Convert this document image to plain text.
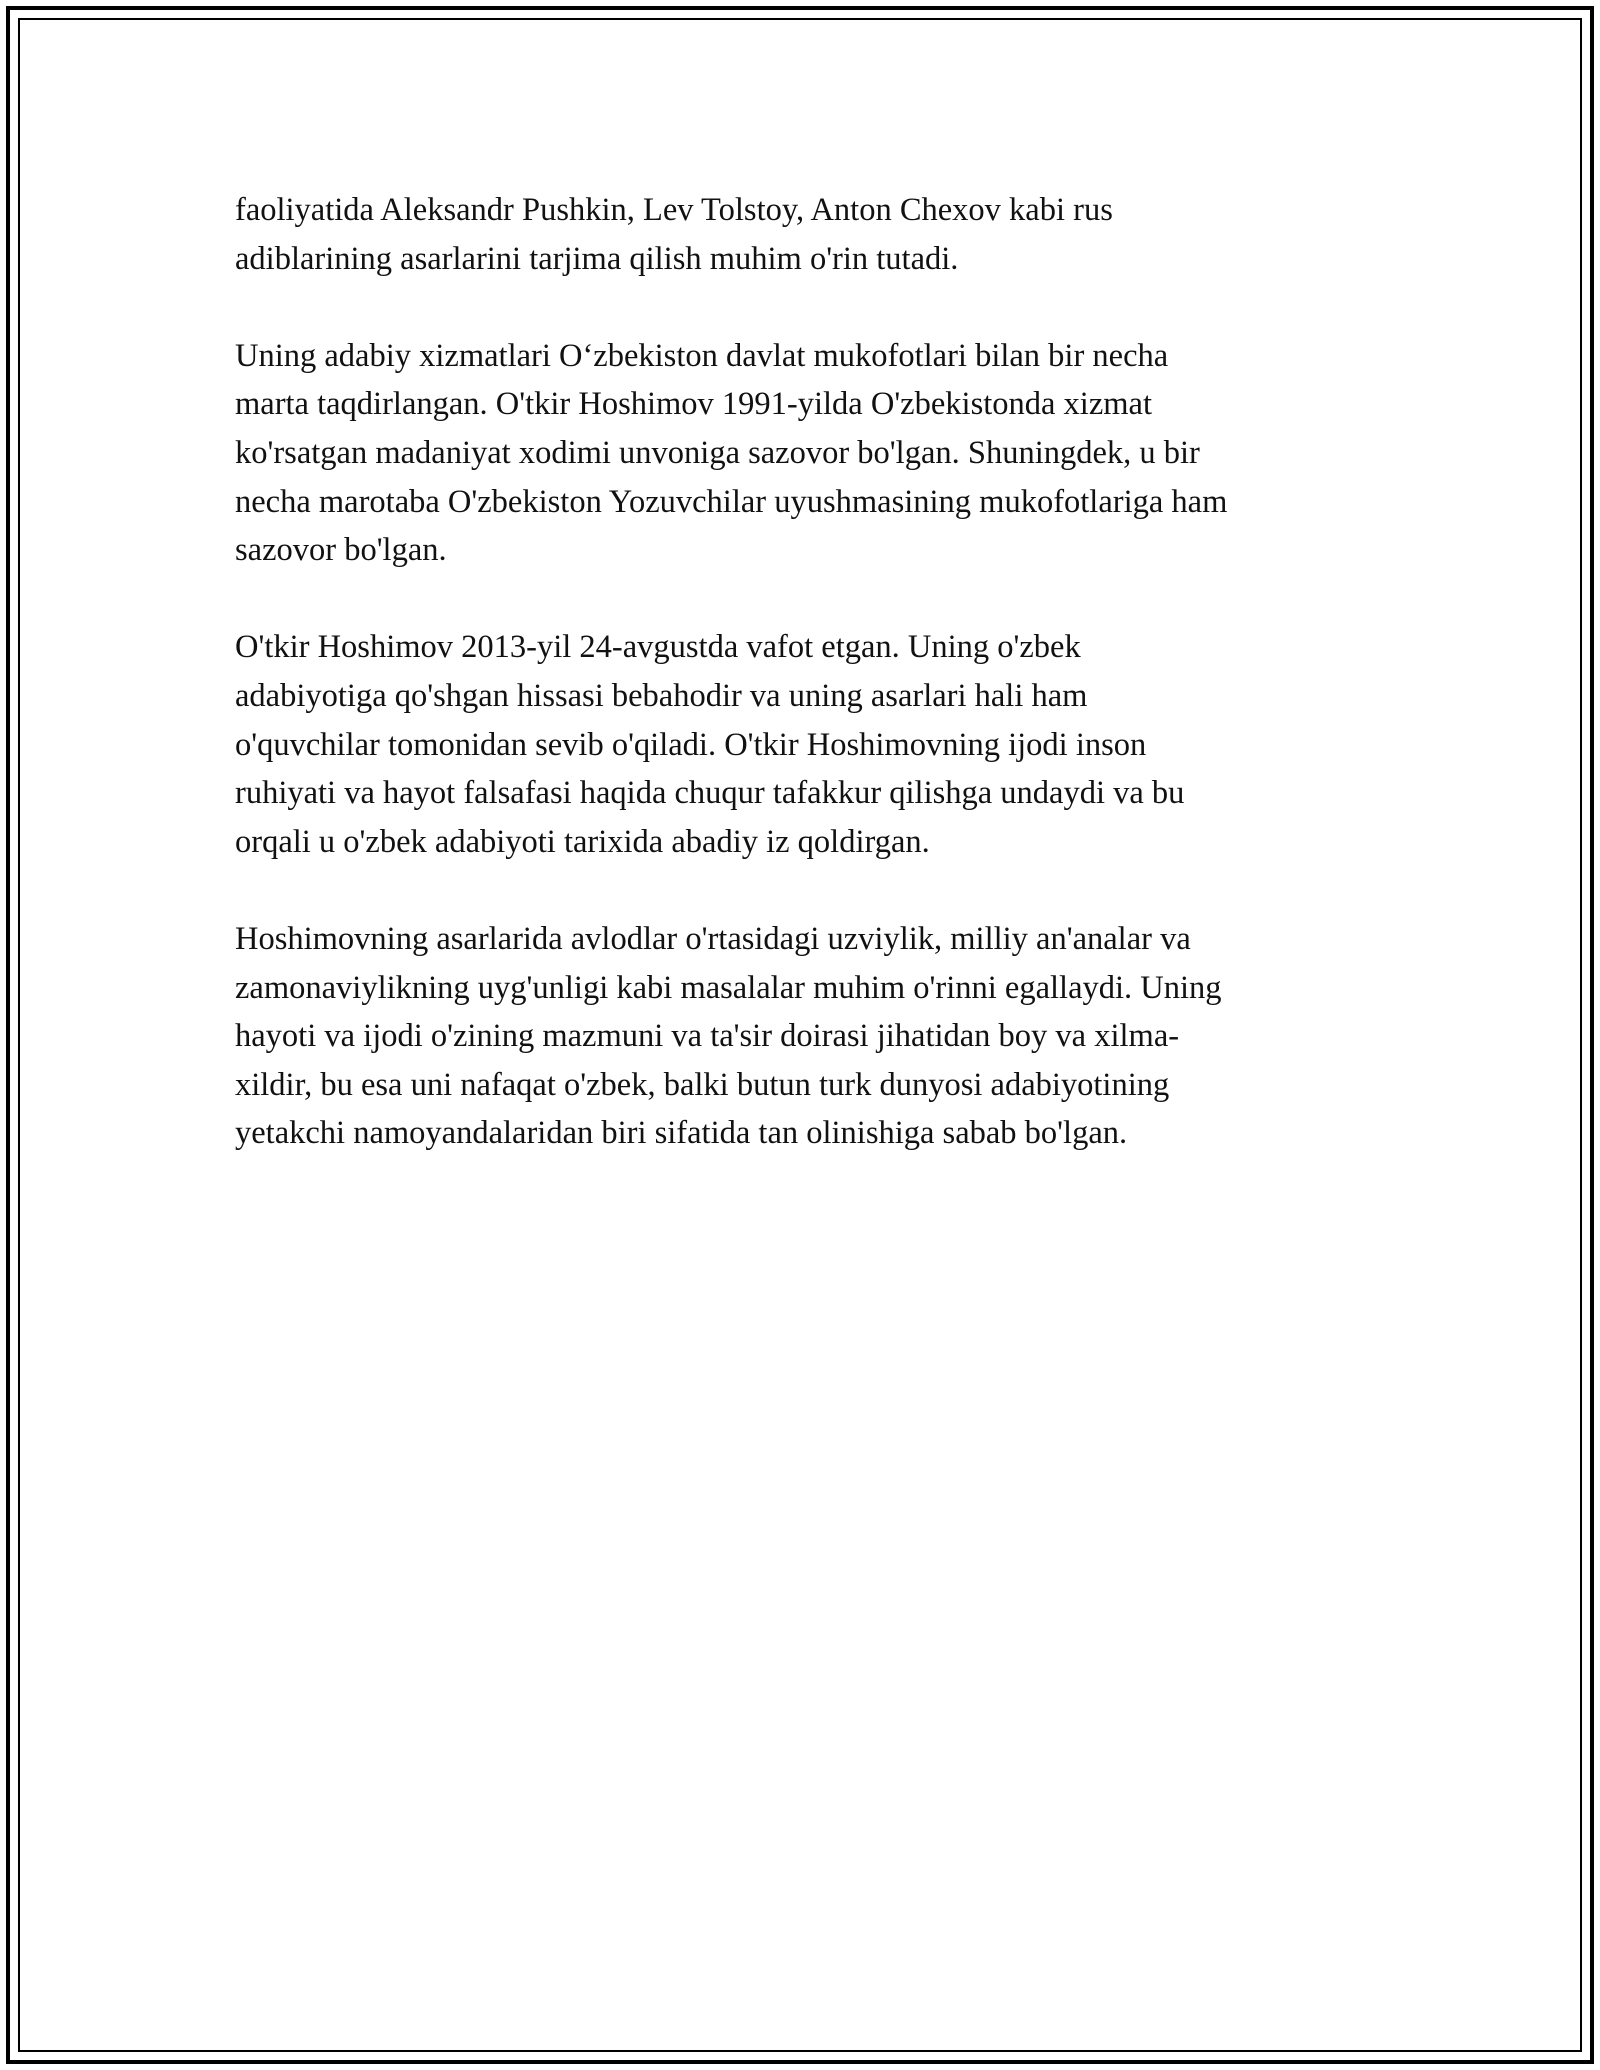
faoliyatida Aleksandr Pushkin, Lev Tolstoy, Anton Chexov kabi rus
adiblarining asarlarini tarjima qilish muhim o'rin tutadi.

Uning adabiy xizmatlari O‘zbekiston davlat mukofotlari bilan bir necha
marta taqdirlangan. O'tkir Hoshimov 1991-yilda O'zbekistonda xizmat
ko'rsatgan madaniyat xodimi unvoniga sazovor bo'lgan. Shuningdek, u bir
necha marotaba O'zbekiston Yozuvchilar uyushmasining mukofotlariga ham
sazovor bo'lgan.

O'tkir Hoshimov 2013-yil 24-avgustda vafot etgan. Uning o'zbek
adabiyotiga qo'shgan hissasi bebahodir va uning asarlari hali ham
o'quvchilar tomonidan sevib o'qiladi. O'tkir Hoshimovning ijodi inson
ruhiyati va hayot falsafasi haqida chuqur tafakkur qilishga undaydi va bu
orqali u o'zbek adabiyoti tarixida abadiy iz qoldirgan.

Hoshimovning asarlarida avlodlar o'rtasidagi uzviylik, milliy an'analar va
zamonaviylikning uyg'unligi kabi masalalar muhim o'rinni egallaydi. Uning
hayoti va ijodi o'zining mazmuni va ta'sir doirasi jihatidan boy va xilma-
xildir, bu esa uni nafaqat o'zbek, balki butun turk dunyosi adabiyotining
yetakchi namoyandalaridan biri sifatida tan olinishiga sabab bo'lgan.
